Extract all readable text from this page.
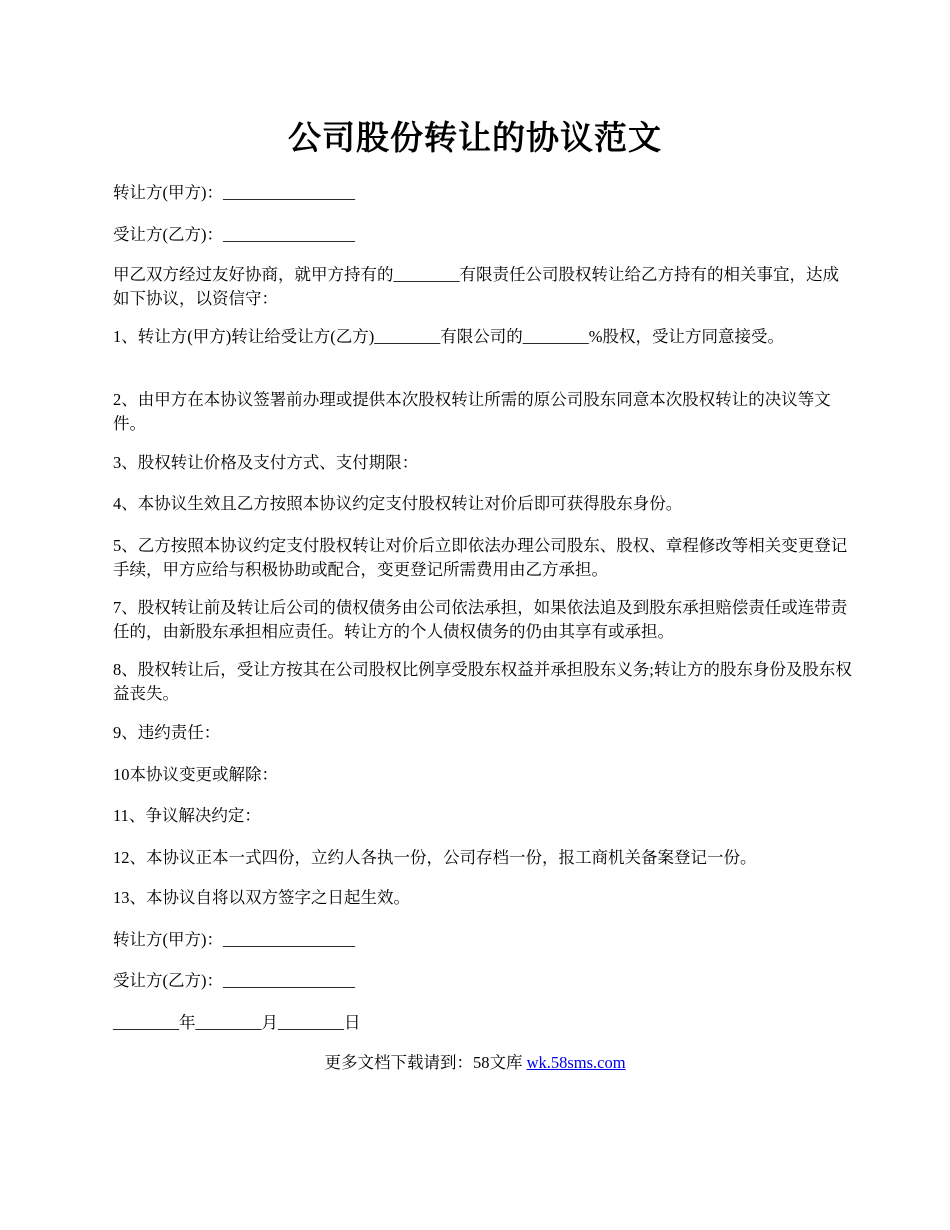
公司股份转让的协议范文

转让方(甲方)：________________

受让方(乙方)：________________

甲乙双方经过友好协商，就甲方持有的________有限责任公司股权转让给乙方持有的相关事宜，达成如下协议，以资信守：

1、转让方(甲方)转让给受让方(乙方)________有限公司的________%股权，受让方同意接受。

2、由甲方在本协议签署前办理或提供本次股权转让所需的原公司股东同意本次股权转让的决议等文件。

3、股权转让价格及支付方式、支付期限：

4、本协议生效且乙方按照本协议约定支付股权转让对价后即可获得股东身份。

5、乙方按照本协议约定支付股权转让对价后立即依法办理公司股东、股权、章程修改等相关变更登记手续，甲方应给与积极协助或配合，变更登记所需费用由乙方承担。

7、股权转让前及转让后公司的债权债务由公司依法承担，如果依法追及到股东承担赔偿责任或连带责任的，由新股东承担相应责任。转让方的个人债权债务的仍由其享有或承担。

8、股权转让后，受让方按其在公司股权比例享受股东权益并承担股东义务;转让方的股东身份及股东权益丧失。

9、违约责任：

10本协议变更或解除：

11、争议解决约定：

12、本协议正本一式四份，立约人各执一份，公司存档一份，报工商机关备案登记一份。

13、本协议自将以双方签字之日起生效。

转让方(甲方)：________________

受让方(乙方)：________________

________年________月________日

更多文档下载请到：58文库 wk.58sms.com
